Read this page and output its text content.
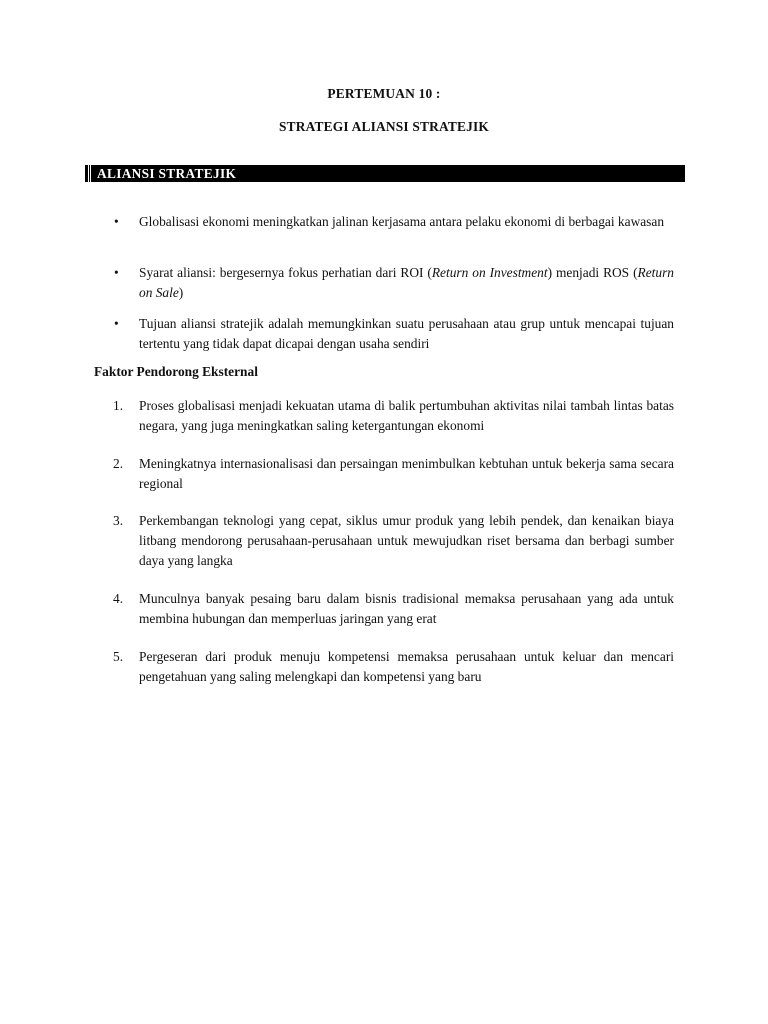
PERTEMUAN 10 :
STRATEGI ALIANSI STRATEJIK
ALIANSI STRATEJIK
•	Globalisasi ekonomi meningkatkan jalinan kerjasama antara pelaku ekonomi di berbagai kawasan
•	Syarat aliansi: bergesernya fokus perhatian dari ROI (Return on Investment) menjadi ROS (Return on Sale)
•	Tujuan aliansi stratejik adalah memungkinkan suatu perusahaan atau grup untuk mencapai tujuan tertentu yang tidak dapat dicapai dengan usaha sendiri
Faktor Pendorong Eksternal
1.	Proses globalisasi menjadi kekuatan utama di balik pertumbuhan aktivitas nilai tambah lintas batas negara, yang juga meningkatkan saling ketergantungan ekonomi
2.	Meningkatnya internasionalisasi dan persaingan menimbulkan kebtuhan untuk bekerja sama secara regional
3.	Perkembangan teknologi yang cepat, siklus umur produk yang lebih pendek, dan kenaikan biaya litbang mendorong perusahaan-perusahaan untuk mewujudkan riset bersama dan berbagi sumber daya yang langka
4.	Munculnya banyak pesaing baru dalam bisnis tradisional memaksa perusahaan yang ada untuk membina hubungan dan memperluas jaringan yang erat
5.	Pergeseran dari produk menuju kompetensi memaksa perusahaan untuk keluar dan mencari pengetahuan yang saling melengkapi dan kompetensi yang baru
